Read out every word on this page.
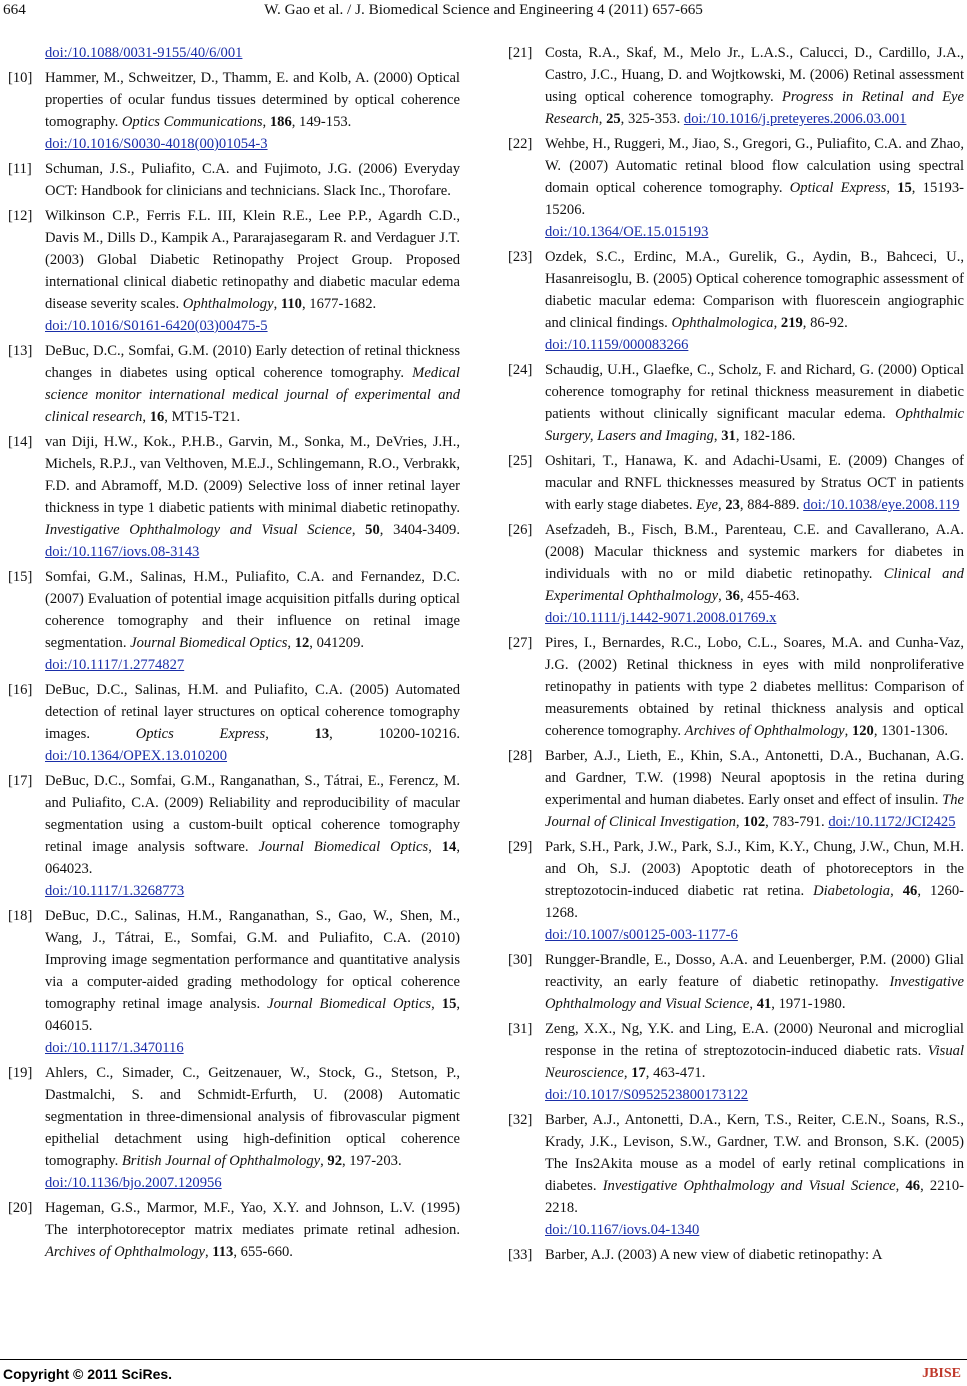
664	W. Gao et al. / J. Biomedical Science and Engineering 4 (2011) 657-665
doi:/10.1088/0031-9155/40/6/001
[10] Hammer, M., Schweitzer, D., Thamm, E. and Kolb, A. (2000) Optical properties of ocular fundus tissues determined by optical coherence tomography. Optics Communications, 186, 149-153.
doi:/10.1016/S0030-4018(00)01054-3
[11] Schuman, J.S., Puliafito, C.A. and Fujimoto, J.G. (2006) Everyday OCT: Handbook for clinicians and technicians. Slack Inc., Thorofare.
[12] Wilkinson C.P., Ferris F.L. III, Klein R.E., Lee P.P., Agardh C.D., Davis M., Dills D., Kampik A., Pararajasegaram R. and Verdaguer J.T. (2003) Global Diabetic Retinopathy Project Group. Proposed international clinical diabetic retinopathy and diabetic macular edema disease severity scales. Ophthalmology, 110, 1677-1682.
doi:/10.1016/S0161-6420(03)00475-5
[13] DeBuc, D.C., Somfai, G.M. (2010) Early detection of retinal thickness changes in diabetes using optical coherence tomography. Medical science monitor international medical journal of experimental and clinical research, 16, MT15-T21.
[14] van Diji, H.W., Kok., P.H.B., Garvin, M., Sonka, M., DeVries, J.H., Michels, R.P.J., van Velthoven, M.E.J., Schlingemann, R.O., Verbrakk, F.D. and Abramoff, M.D. (2009) Selective loss of inner retinal layer thickness in type 1 diabetic patients with minimal diabetic retinopathy. Investigative Ophthalmology and Visual Science, 50, 3404-3409. doi:/10.1167/iovs.08-3143
[15] Somfai, G.M., Salinas, H.M., Puliafito, C.A. and Fernandez, D.C. (2007) Evaluation of potential image acquisition pitfalls during optical coherence tomography and their influence on retinal image segmentation. Journal Biomedical Optics, 12, 041209.
doi:/10.1117/1.2774827
[16] DeBuc, D.C., Salinas, H.M. and Puliafito, C.A. (2005) Automated detection of retinal layer structures on optical coherence tomography images. Optics Express, 13, 10200-10216. doi:/10.1364/OPEX.13.010200
[17] DeBuc, D.C., Somfai, G.M., Ranganathan, S., Tátrai, E., Ferencz, M. and Puliafito, C.A. (2009) Reliability and reproducibility of macular segmentation using a custom-built optical coherence tomography retinal image analysis software. Journal Biomedical Optics, 14, 064023.
doi:/10.1117/1.3268773
[18] DeBuc, D.C., Salinas, H.M., Ranganathan, S., Gao, W., Shen, M., Wang, J., Tátrai, E., Somfai, G.M. and Puliafito, C.A. (2010) Improving image segmentation performance and quantitative analysis via a computer-aided grading methodology for optical coherence tomography retinal image analysis. Journal Biomedical Optics, 15, 046015.
doi:/10.1117/1.3470116
[19] Ahlers, C., Simader, C., Geitzenauer, W., Stock, G., Stetson, P., Dastmalchi, S. and Schmidt-Erfurth, U. (2008) Automatic segmentation in three-dimensional analysis of fibrovascular pigment epithelial detachment using high-definition optical coherence tomography. British Journal of Ophthalmology, 92, 197-203.
doi:/10.1136/bjo.2007.120956
[20] Hageman, G.S., Marmor, M.F., Yao, X.Y. and Johnson, L.V. (1995) The interphotoreceptor matrix mediates primate retinal adhesion. Archives of Ophthalmology, 113, 655-660.
[21] Costa, R.A., Skaf, M., Melo Jr., L.A.S., Calucci, D., Cardillo, J.A., Castro, J.C., Huang, D. and Wojtkowski, M. (2006) Retinal assessment using optical coherence tomography. Progress in Retinal and Eye Research, 25, 325-353. doi:/10.1016/j.preteyeres.2006.03.001
[22] Wehbe, H., Ruggeri, M., Jiao, S., Gregori, G., Puliafito, C.A. and Zhao, W. (2007) Automatic retinal blood flow calculation using spectral domain optical coherence tomography. Optical Express, 15, 15193-15206.
doi:/10.1364/OE.15.015193
[23] Ozdek, S.C., Erdinc, M.A., Gurelik, G., Aydin, B., Bahceci, U., Hasanreisoglu, B. (2005) Optical coherence tomographic assessment of diabetic macular edema: Comparison with fluorescein angiographic and clinical findings. Ophthalmologica, 219, 86-92.
doi:/10.1159/000083266
[24] Schaudig, U.H., Glaefke, C., Scholz, F. and Richard, G. (2000) Optical coherence tomography for retinal thickness measurement in diabetic patients without clinically significant macular edema. Ophthalmic Surgery, Lasers and Imaging, 31, 182-186.
[25] Oshitari, T., Hanawa, K. and Adachi-Usami, E. (2009) Changes of macular and RNFL thicknesses measured by Stratus OCT in patients with early stage diabetes. Eye, 23, 884-889. doi:/10.1038/eye.2008.119
[26] Asefzadeh, B., Fisch, B.M., Parenteau, C.E. and Cavallerano, A.A. (2008) Macular thickness and systemic markers for diabetes in individuals with no or mild diabetic retinopathy. Clinical and Experimental Ophthalmology, 36, 455-463.
doi:/10.1111/j.1442-9071.2008.01769.x
[27] Pires, I., Bernardes, R.C., Lobo, C.L., Soares, M.A. and Cunha-Vaz, J.G. (2002) Retinal thickness in eyes with mild nonproliferative retinopathy in patients with type 2 diabetes mellitus: Comparison of measurements obtained by retinal thickness analysis and optical coherence tomography. Archives of Ophthalmology, 120, 1301-1306.
[28] Barber, A.J., Lieth, E., Khin, S.A., Antonetti, D.A., Buchanan, A.G. and Gardner, T.W. (1998) Neural apoptosis in the retina during experimental and human diabetes. Early onset and effect of insulin. The Journal of Clinical Investigation, 102, 783-791. doi:/10.1172/JCI2425
[29] Park, S.H., Park, J.W., Park, S.J., Kim, K.Y., Chung, J.W., Chun, M.H. and Oh, S.J. (2003) Apoptotic death of photoreceptors in the streptozotocin-induced diabetic rat retina. Diabetologia, 46, 1260-1268.
doi:/10.1007/s00125-003-1177-6
[30] Rungger-Brandle, E., Dosso, A.A. and Leuenberger, P.M. (2000) Glial reactivity, an early feature of diabetic retinopathy. Investigative Ophthalmology and Visual Science, 41, 1971-1980.
[31] Zeng, X.X., Ng, Y.K. and Ling, E.A. (2000) Neuronal and microglial response in the retina of streptozotocin-induced diabetic rats. Visual Neuroscience, 17, 463-471.
doi:/10.1017/S0952523800173122
[32] Barber, A.J., Antonetti, D.A., Kern, T.S., Reiter, C.E.N., Soans, R.S., Krady, J.K., Levison, S.W., Gardner, T.W. and Bronson, S.K. (2005) The Ins2Akita mouse as a model of early retinal complications in diabetes. Investigative Ophthalmology and Visual Science, 46, 2210-2218.
doi:/10.1167/iovs.04-1340
[33] Barber, A.J. (2003) A new view of diabetic retinopathy: A
Copyright © 2011 SciRes.	JBISE
